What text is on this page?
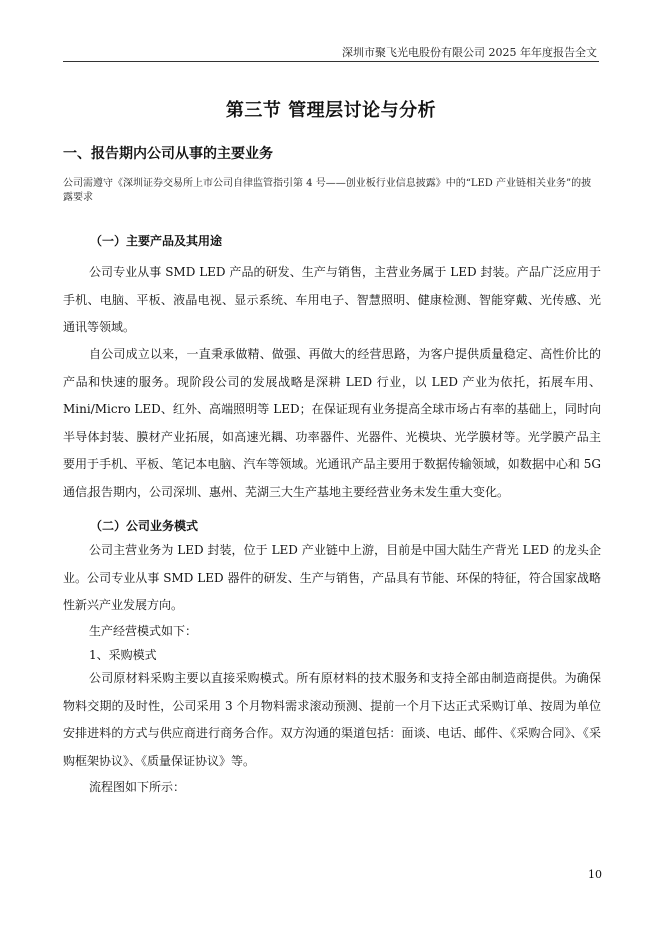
深圳市聚飞光电股份有限公司 2025 年年度报告全文
第三节 管理层讨论与分析
一、报告期内公司从事的主要业务
公司需遵守《深圳证券交易所上市公司自律监管指引第 4 号——创业板行业信息披露》中的“LED 产业链相关业务”的披露要求
（一）主要产品及其用途
公司专业从事 SMD LED 产品的研发、生产与销售，主营业务属于 LED 封装。产品广泛应用于手机、电脑、平板、液晶电视、显示系统、车用电子、智慧照明、健康检测、智能穿戴、光传感、光通讯等领域。
自公司成立以来，一直秉承做精、做强、再做大的经营思路，为客户提供质量稳定、高性价比的产品和快速的服务。现阶段公司的发展战略是深耕 LED 行业，以 LED 产业为依托，拓展车用、Mini/Micro LED、红外、高端照明等 LED；在保证现有业务提高全球市场占有率的基础上，同时向半导体封装、膜材产业拓展，如高速光耦、功率器件、光器件、光模块、光学膜材等。光学膜产品主要用于手机、平板、笔记本电脑、汽车等领域。光通讯产品主要用于数据传输领域，如数据中心和 5G 通信。
报告期内，公司深圳、惠州、芜湖三大生产基地主要经营业务未发生重大变化。
（二）公司业务模式
公司主营业务为 LED 封装，位于 LED 产业链中上游，目前是中国大陆生产背光 LED 的龙头企业。公司专业从事 SMD LED 器件的研发、生产与销售，产品具有节能、环保的特征，符合国家战略性新兴产业发展方向。
生产经营模式如下：
1、采购模式
公司原材料采购主要以直接采购模式。所有原材料的技术服务和支持全部由制造商提供。为确保物料交期的及时性，公司采用 3 个月物料需求滚动预测、提前一个月下达正式采购订单、按周为单位安排进料的方式与供应商进行商务合作。双方沟通的渠道包括：面谈、电话、邮件、《采购合同》、《采购框架协议》、《质量保证协议》等。
流程图如下所示：
10
